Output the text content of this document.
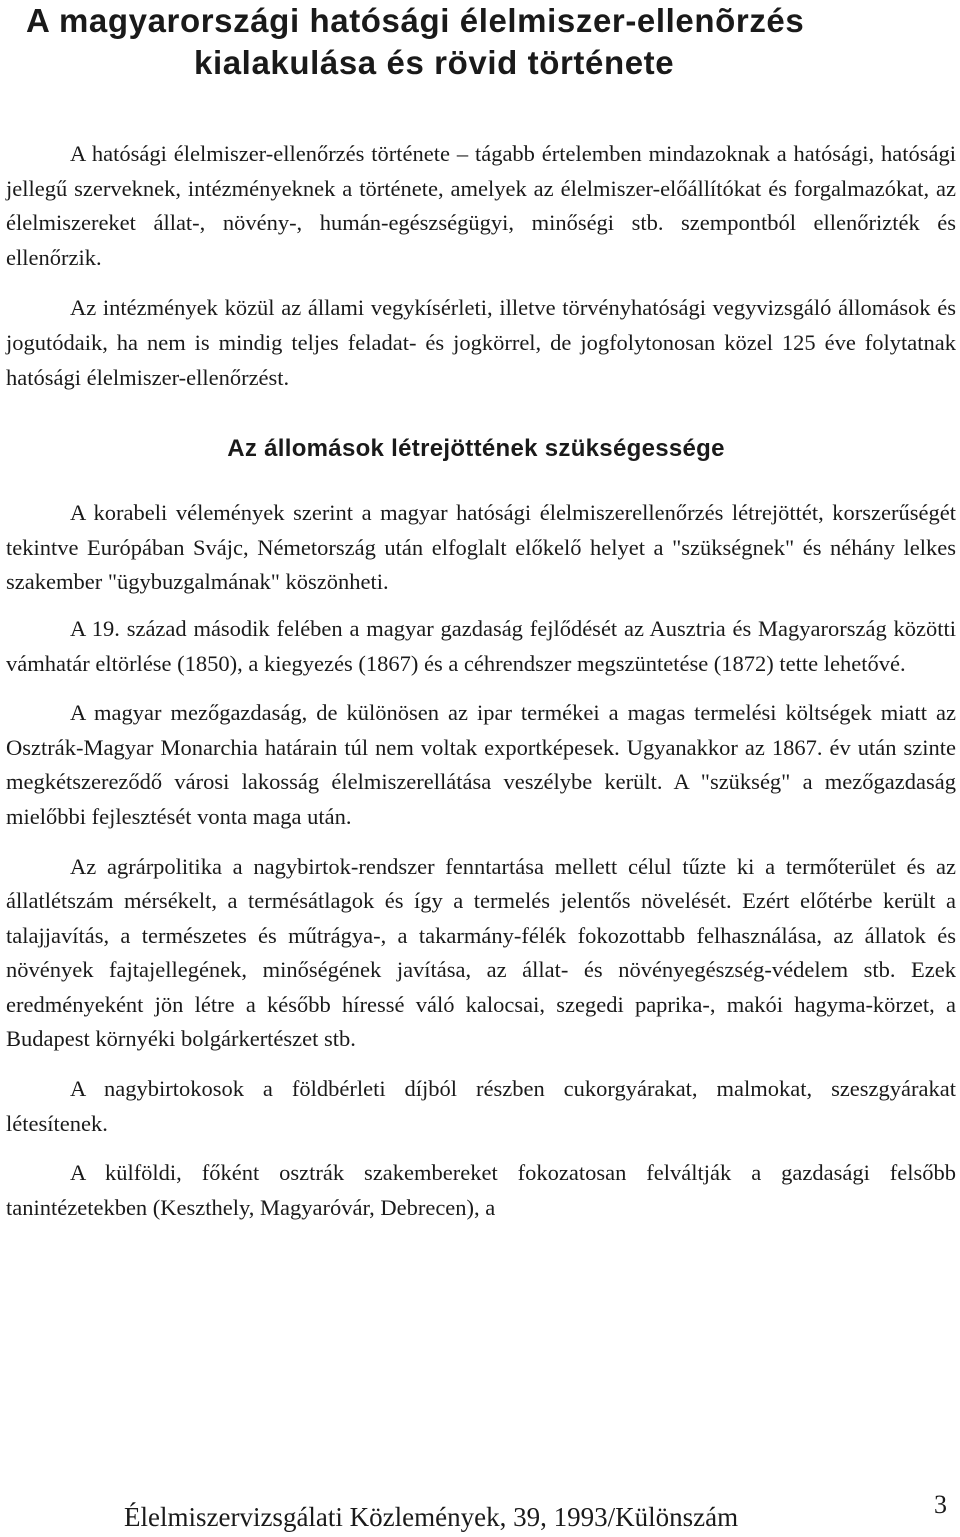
A magyarországi hatósági élelmiszer-ellenõrzés
kialakulása és rövid története

A hatósági élelmiszer-ellenőrzés története – tágabb értelemben mindazoknak a hatósági, hatósági jellegű szerveknek, intézményeknek a története, amelyek az élelmiszer-előállítókat és forgalmazókat, az élelmiszereket állat-, növény-, humán-egészségügyi, minőségi stb. szempontból ellenőrizték és ellenőrzik.

Az intézmények közül az állami vegykísérleti, illetve törvényhatósági vegyvizsgáló állomások és jogutódaik, ha nem is mindig teljes feladat- és jogkörrel, de jogfolytonosan közel 125 éve folytatnak hatósági élelmiszer-ellenőrzést.

Az állomások létrejöttének szükségessége

A korabeli vélemények szerint a magyar hatósági élelmiszerellenőrzés létrejöttét, korszerűségét tekintve Európában Svájc, Németország után elfoglalt előkelő helyet a "szükségnek" és néhány lelkes szakember "ügybuzgalmának" köszönheti.

A 19. század második felében a magyar gazdaság fejlődését az Ausztria és Magyarország közötti vámhatár eltörlése (1850), a kiegyezés (1867) és a céhrendszer megszüntetése (1872) tette lehetővé.

A magyar mezőgazdaság, de különösen az ipar termékei a magas termelési költségek miatt az Osztrák-Magyar Monarchia határain túl nem voltak exportképesek. Ugyanakkor az 1867. év után szinte megkétszereződő városi lakosság élelmiszerellátása veszélybe került. A "szükség" a mezőgazdaság mielőbbi fejlesztését vonta maga után.

Az agrárpolitika a nagybirtok-rendszer fenntartása mellett célul tűzte ki a termőterület és az állatlétszám mérsékelt, a termésátlagok és így a termelés jelentős növelését. Ezért előtérbe került a talajjavítás, a természetes és műtrágya-, a takarmány-félék fokozottabb felhasználása, az állatok és növények fajtajellegének, minőségének javítása, az állat- és növényegészség-védelem stb. Ezek eredményeként jön létre a később híressé váló kalocsai, szegedi paprika-, makói hagyma-körzet, a Budapest környéki bolgárkertészet stb.

A nagybirtokosok a földbérleti díjból részben cukorgyárakat, malmokat, szeszgyárakat létesítenek.

A külföldi, főként osztrák szakembereket fokozatosan felváltják a gazdasági felsőbb tanintézetekben (Keszthely, Magyaróvár, Debrecen), a

Élelmiszervizsgálati Közlemények, 39, 1993/Különszám	3
